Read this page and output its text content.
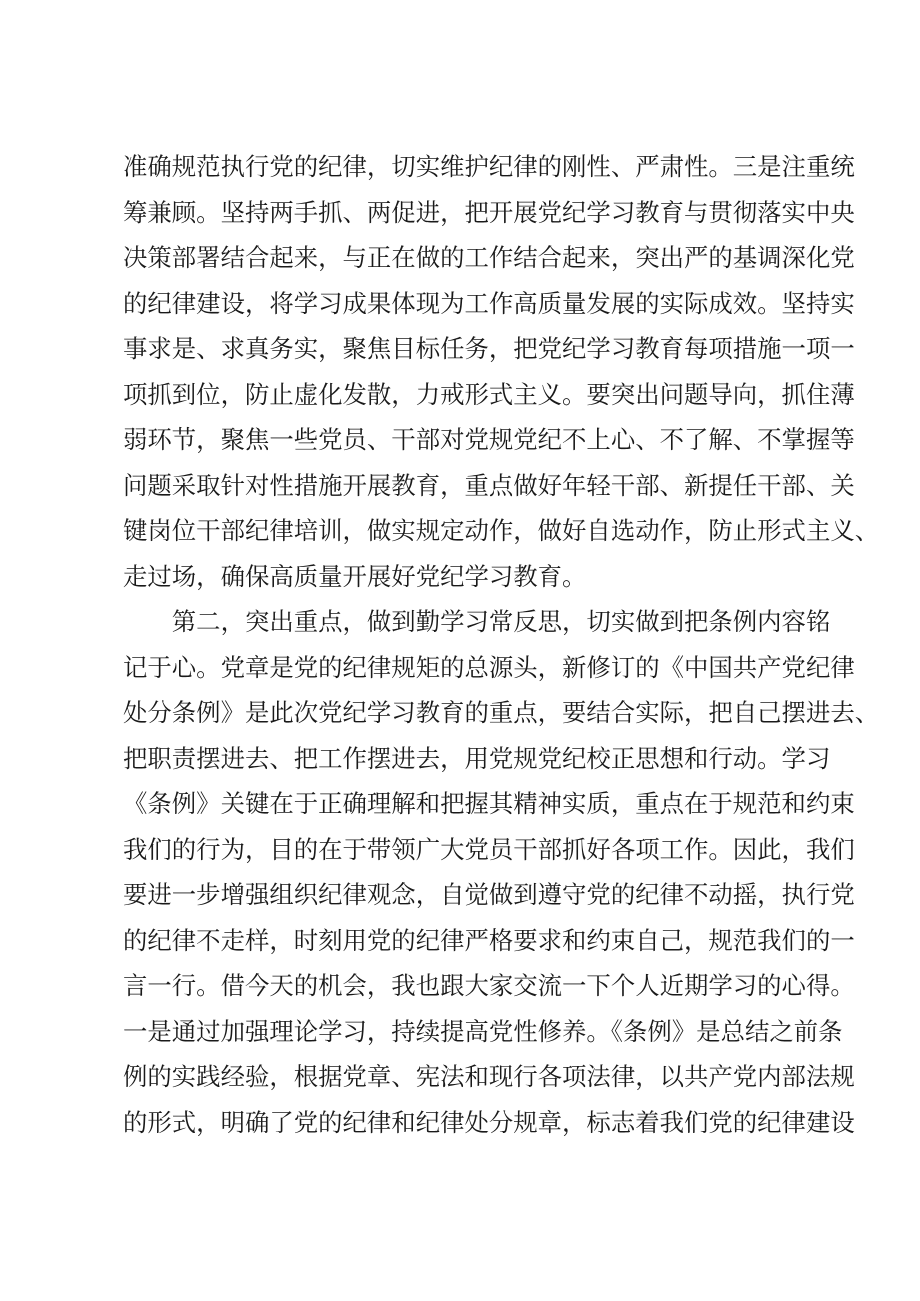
准确规范执行党的纪律，切实维护纪律的刚性、严肃性。三是注重统
筹兼顾。坚持两手抓、两促进，把开展党纪学习教育与贯彻落实中央
决策部署结合起来，与正在做的工作结合起来，突出严的基调深化党
的纪律建设，将学习成果体现为工作高质量发展的实际成效。坚持实
事求是、求真务实，聚焦目标任务，把党纪学习教育每项措施一项一
项抓到位，防止虚化发散，力戒形式主义。要突出问题导向，抓住薄
弱环节，聚焦一些党员、干部对党规党纪不上心、不了解、不掌握等
问题采取针对性措施开展教育，重点做好年轻干部、新提任干部、关
键岗位干部纪律培训，做实规定动作，做好自选动作，防止形式主义、
走过场，确保高质量开展好党纪学习教育。
　　第二，突出重点，做到勤学习常反思，切实做到把条例内容铭
记于心。党章是党的纪律规矩的总源头，新修订的《中国共产党纪律
处分条例》是此次党纪学习教育的重点，要结合实际，把自己摆进去、
把职责摆进去、把工作摆进去，用党规党纪校正思想和行动。学习
《条例》关键在于正确理解和把握其精神实质，重点在于规范和约束
我们的行为，目的在于带领广大党员干部抓好各项工作。因此，我们
要进一步增强组织纪律观念，自觉做到遵守党的纪律不动摇，执行党
的纪律不走样，时刻用党的纪律严格要求和约束自己，规范我们的一
言一行。借今天的机会，我也跟大家交流一下个人近期学习的心得。
一是通过加强理论学习，持续提高党性修养。《条例》是总结之前条
例的实践经验，根据党章、宪法和现行各项法律，以共产党内部法规
的形式，明确了党的纪律和纪律处分规章，标志着我们党的纪律建设
